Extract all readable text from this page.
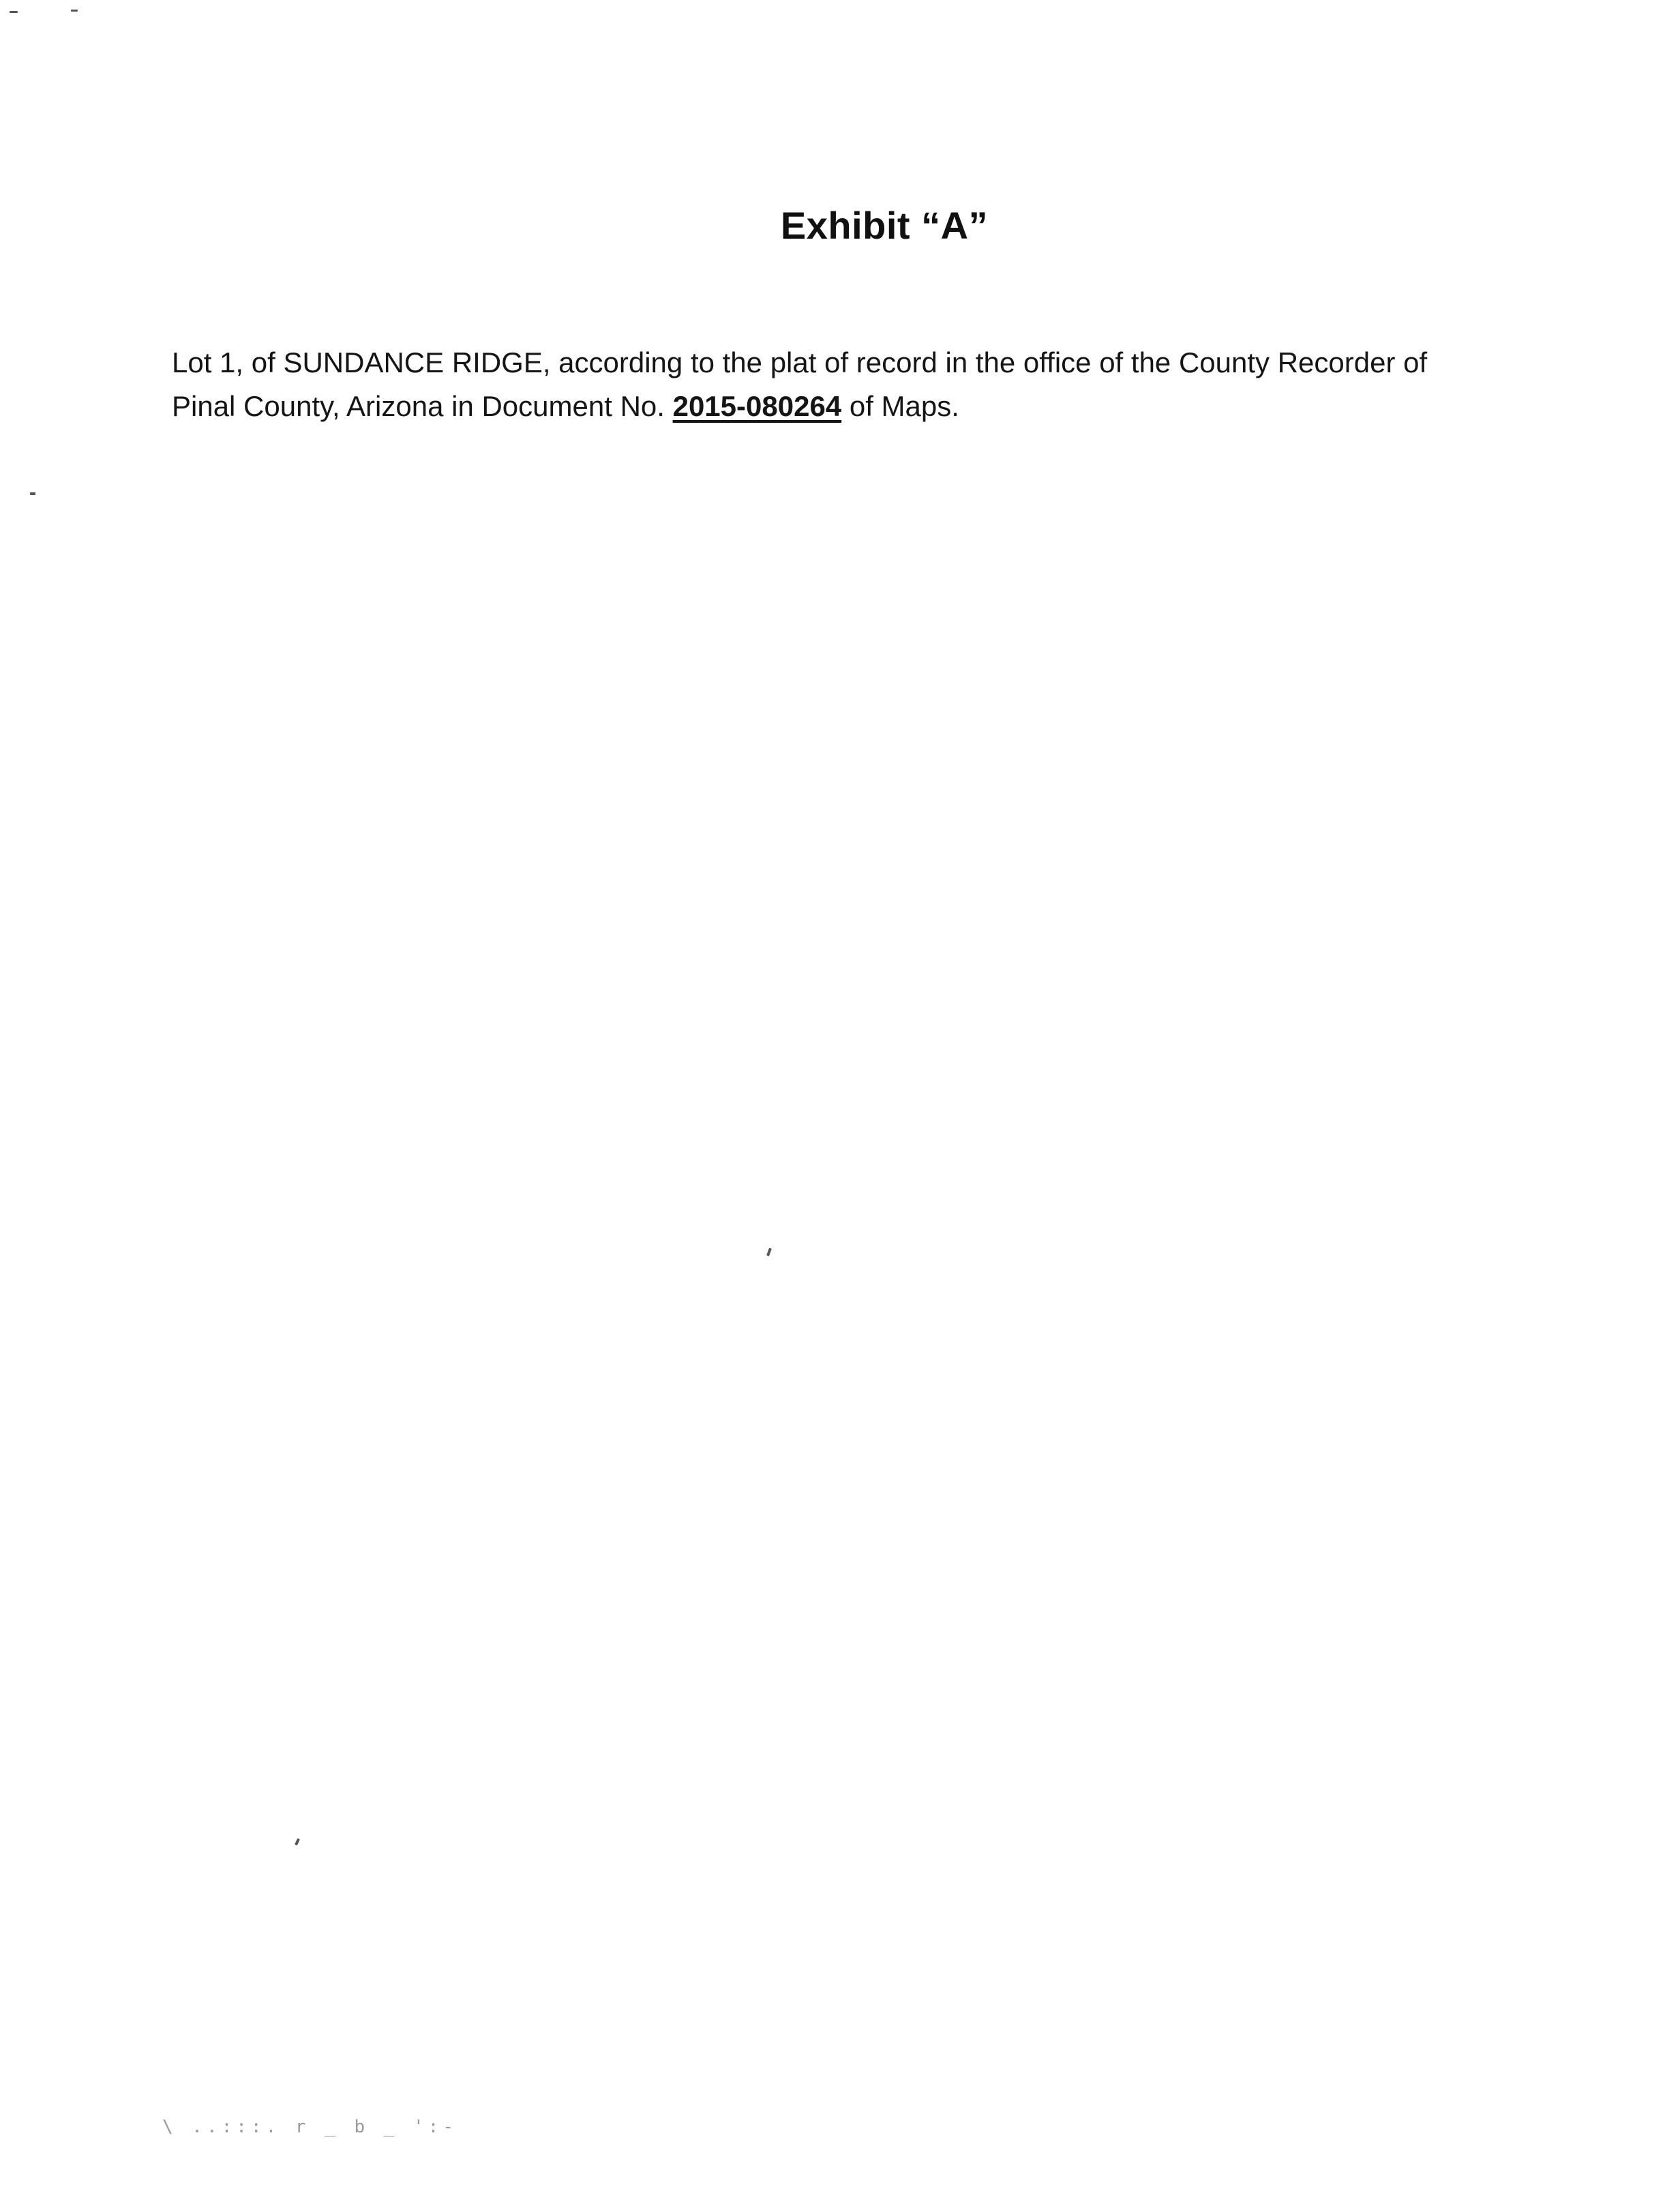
Exhibit “A”
Lot 1, of SUNDANCE RIDGE, according to the plat of record in the office of the County Recorder of
Pinal County, Arizona in Document No. 2015-080264 of Maps.
\ ..:::. r _ b _ ':-
